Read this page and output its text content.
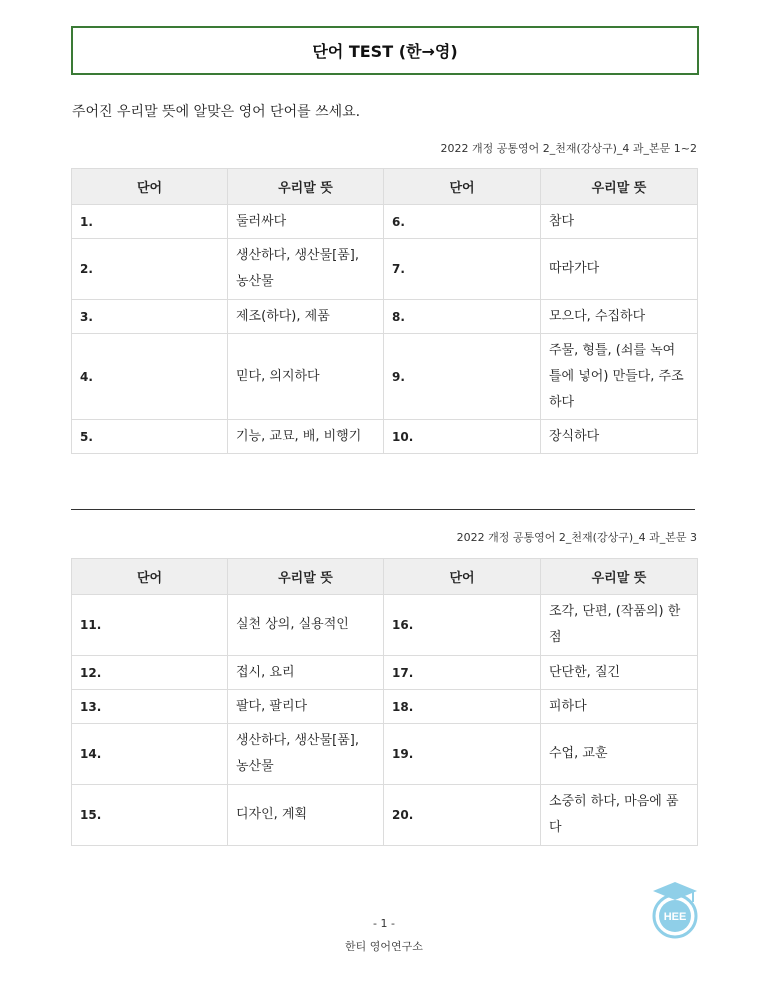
단어 TEST (한→영)
주어진 우리말 뜻에 알맞은 영어 단어를 쓰세요.
2022 개정 공통영어 2_천재(강상구)_4 과_본문 1~2
단어	우리말 뜻	단어	우리말 뜻
1.	둘러싸다	6.	참다
2.	생산하다, 생산물[품], 농산물	7.	따라가다
3.	제조(하다), 제품	8.	모으다, 수집하다
4.	믿다, 의지하다	9.	주물, 형틀, (쇠를 녹여 틀에 넣어) 만들다, 주조하다
5.	기능, 교묘, 배, 비행기	10.	장식하다
2022 개정 공통영어 2_천재(강상구)_4 과_본문 3
단어	우리말 뜻	단어	우리말 뜻
11.	실천 상의, 실용적인	16.	조각, 단편, (작품의) 한 점
12.	접시, 요리	17.	단단한, 질긴
13.	팔다, 팔리다	18.	피하다
14.	생산하다, 생산물[품], 농산물	19.	수업, 교훈
15.	디자인, 계획	20.	소중히 하다, 마음에 품다
HEE
- 1 -
한티 영어연구소
